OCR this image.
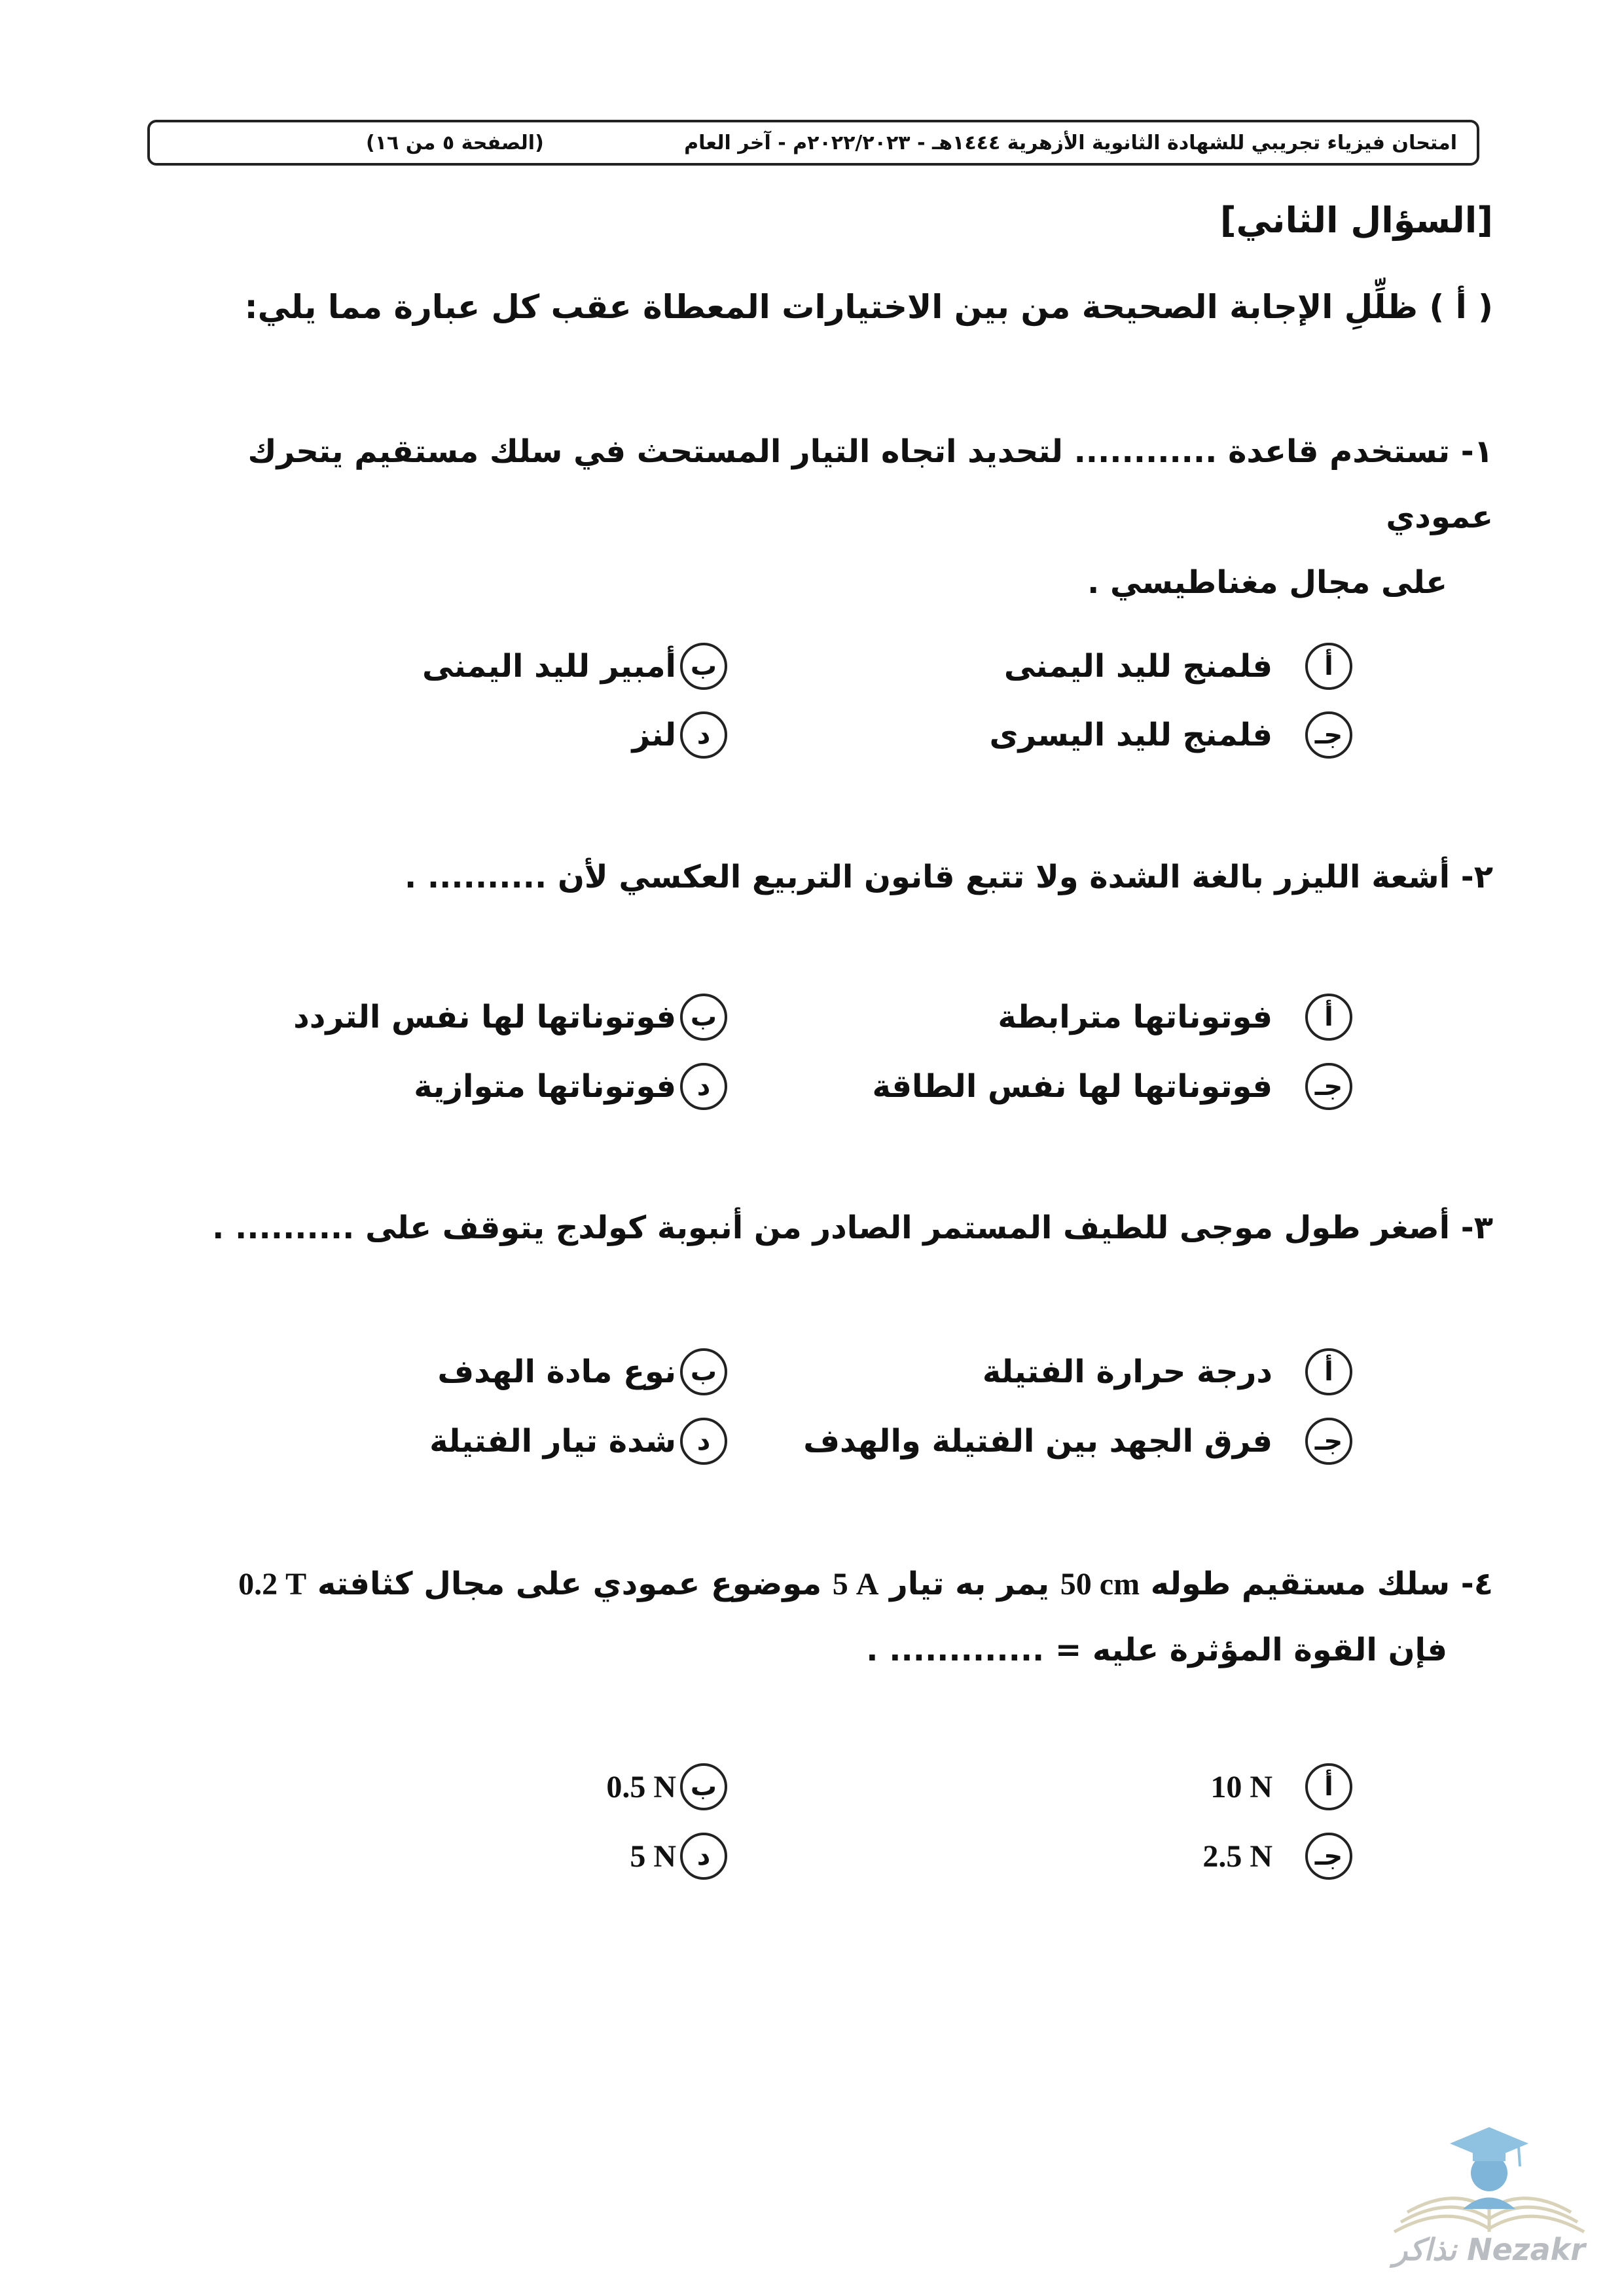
امتحان فيزياء تجريبي للشهادة الثانوية الأزهرية ١٤٤٤هـ - ٢٠٢٢/٢٠٢٣م - آخر العام
(الصفحة ٥ من ١٦)
[السؤال الثاني]
( أ ) ظلِّلِ الإجابة الصحيحة من بين الاختيارات المعطاة عقب كل عبارة مما يلي:
١- تستخدم قاعدة ............ لتحديد اتجاه التيار المستحث في سلك مستقيم يتحرك عمودي
على مجال مغناطيسي .
أ
فلمنج لليد اليمنى
ب
أمبير لليد اليمنى
جـ
فلمنج لليد اليسرى
د
لنز
٢- أشعة الليزر بالغة الشدة ولا تتبع قانون التربيع العكسي لأن .......... .
أ
فوتوناتها مترابطة
ب
فوتوناتها لها نفس التردد
جـ
فوتوناتها لها نفس الطاقة
د
فوتوناتها متوازية
٣- أصغر طول موجى للطيف المستمر الصادر من أنبوبة كولدج يتوقف على .......... .
أ
درجة حرارة الفتيلة
ب
نوع مادة الهدف
جـ
فرق الجهد بين الفتيلة والهدف
د
شدة تيار الفتيلة
٤- سلك مستقيم طوله 50 cm يمر به تيار 5 A موضوع عمودي على مجال كثافته 0.2 T
فإن القوة المؤثرة عليه = ............. .
أ
10 N
ب
0.5 N
جـ
2.5 N
د
5 N
Nezakr نذاكر
